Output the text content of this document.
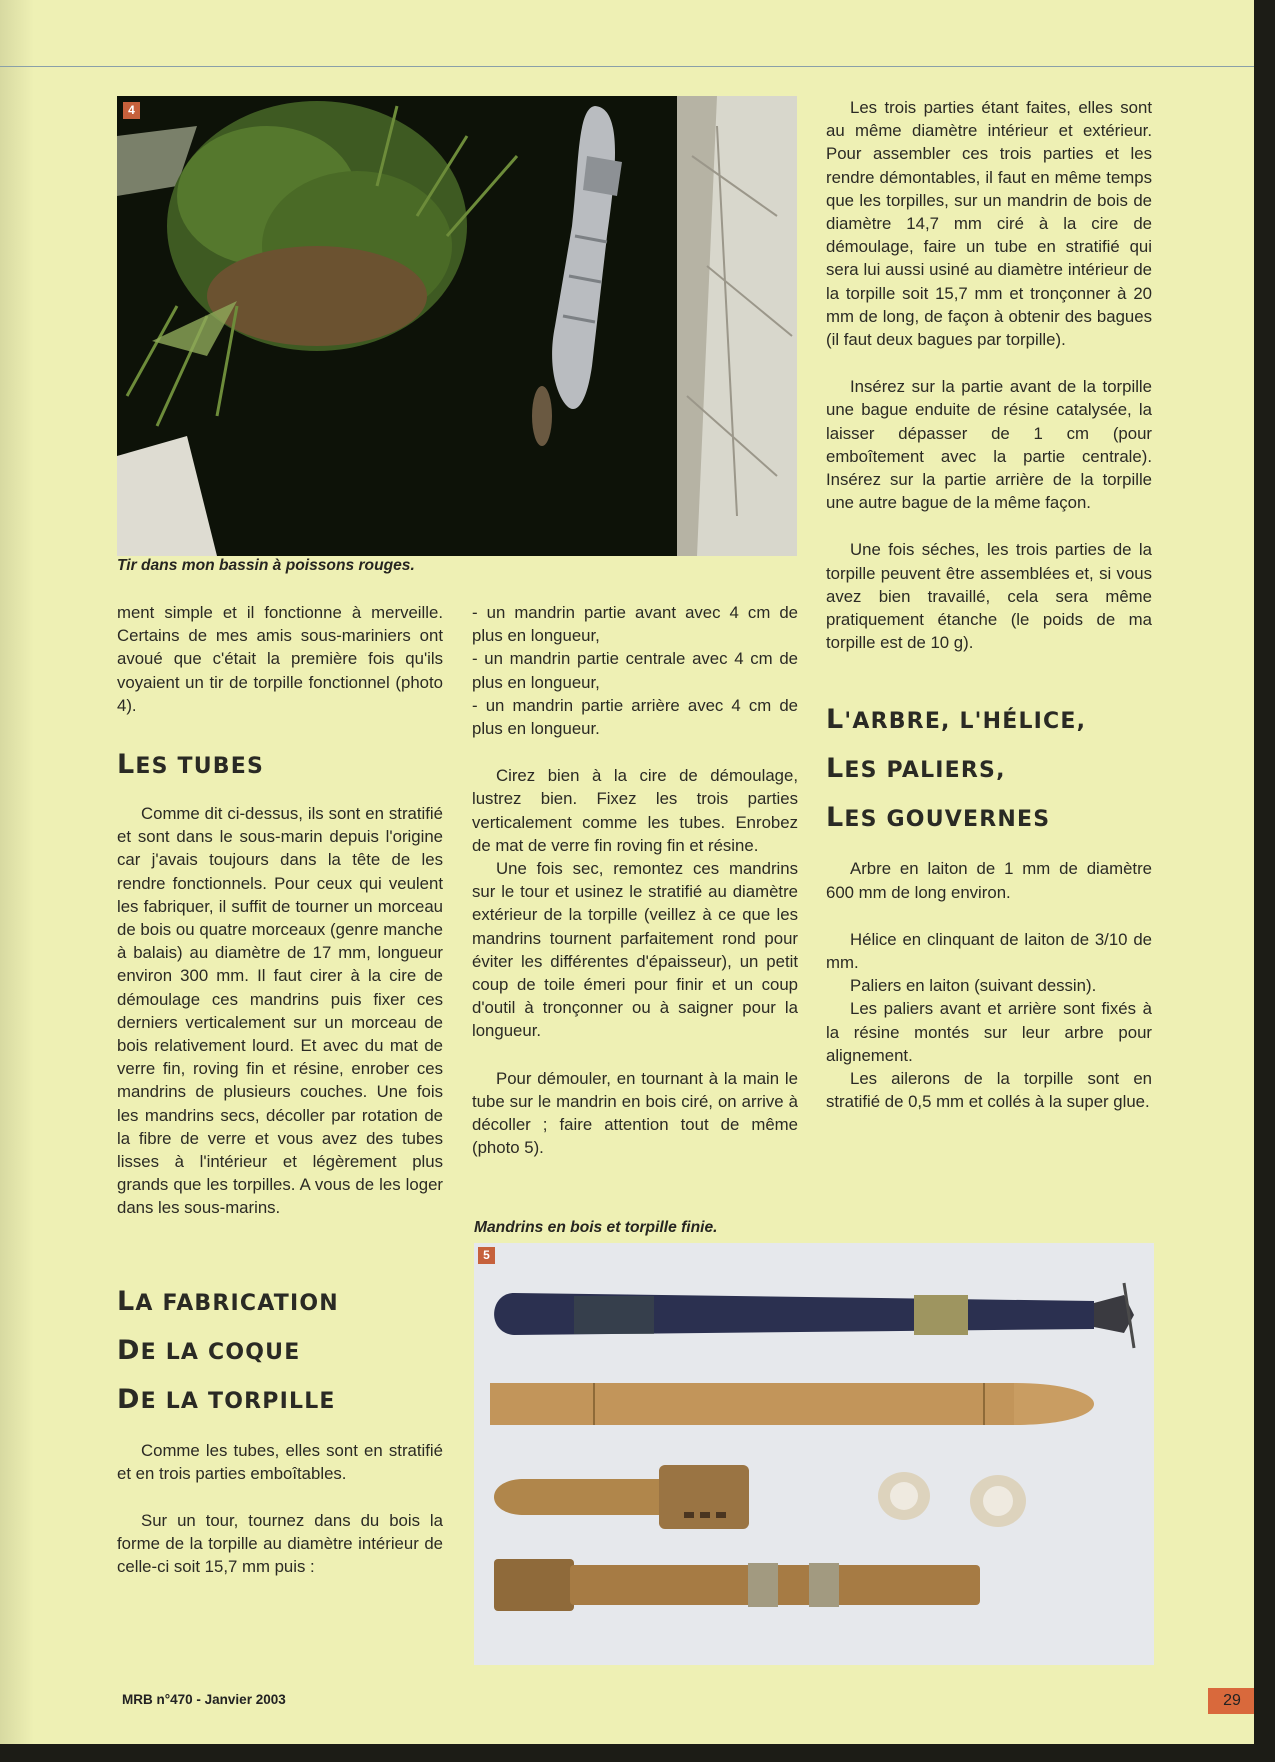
4
Tir dans mon bassin à poissons rouges.

ment simple et il fonctionne à merveille. Certains de mes amis sous-mariniers ont avoué que c'était la première fois qu'ils voyaient un tir de torpille fonctionnel (photo 4).

LES TUBES

Comme dit ci-dessus, ils sont en stratifié et sont dans le sous-marin depuis l'origine car j'avais toujours dans la tête de les rendre fonctionnels. Pour ceux qui veulent les fabriquer, il suffit de tourner un morceau de bois ou quatre morceaux (genre manche à balais) au diamètre de 17 mm, longueur environ 300 mm. Il faut cirer à la cire de démoulage ces mandrins puis fixer ces derniers verticalement sur un morceau de bois relativement lourd. Et avec du mat de verre fin, roving fin et résine, enrober ces mandrins de plusieurs couches. Une fois les mandrins secs, décoller par rotation de la fibre de verre et vous avez des tubes lisses à l'intérieur et légèrement plus grands que les torpilles. A vous de les loger dans les sous-marins.

LA FABRICATION
DE LA COQUE
DE LA TORPILLE

Comme les tubes, elles sont en stratifié et en trois parties emboîtables.

Sur un tour, tournez dans du bois la forme de la torpille au diamètre intérieur de celle-ci soit 15,7 mm puis :

- un mandrin partie avant avec 4 cm de plus en longueur,

- un mandrin partie centrale avec 4 cm de plus en longueur,

- un mandrin partie arrière avec 4 cm de plus en longueur.

Cirez bien à la cire de démoulage, lustrez bien. Fixez les trois parties verticalement comme les tubes. Enrobez de mat de verre fin roving fin et résine.

Une fois sec, remontez ces mandrins sur le tour et usinez le stratifié au diamètre extérieur de la torpille (veillez à ce que les mandrins tournent parfaitement rond pour éviter les différentes d'épaisseur), un petit coup de toile émeri pour finir et un coup d'outil à tronçonner ou à saigner pour la longueur.

Pour démouler, en tournant à la main le tube sur le mandrin en bois ciré, on arrive à décoller ; faire attention tout de même (photo 5).

Les trois parties étant faites, elles sont au même diamètre intérieur et extérieur. Pour assembler ces trois parties et les rendre démontables, il faut en même temps que les torpilles, sur un mandrin de bois de diamètre 14,7 mm ciré à la cire de démoulage, faire un tube en stratifié qui sera lui aussi usiné au diamètre intérieur de la torpille soit 15,7 mm et tronçonner à 20 mm de long, de façon à obtenir des bagues (il faut deux bagues par torpille).

Insérez sur la partie avant de la torpille une bague enduite de résine catalysée, la laisser dépasser de 1 cm (pour emboîtement avec la partie centrale). Insérez sur la partie arrière de la torpille une autre bague de la même façon.

Une fois séches, les trois parties de la torpille peuvent être assemblées et, si vous avez bien travaillé, cela sera même pratiquement étanche (le poids de ma torpille est de 10 g).

L'ARBRE, L'HÉLICE,
LES PALIERS,
LES GOUVERNES

Arbre en laiton de 1 mm de diamètre 600 mm de long environ.

Hélice en clinquant de laiton de 3/10 de mm.

Paliers en laiton (suivant dessin).

Les paliers avant et arrière sont fixés à la résine montés sur leur arbre pour alignement.

Les ailerons de la torpille sont en stratifié de 0,5 mm et collés à la super glue.

Mandrins en bois et torpille finie.
5
MRB n°470 - Janvier 2003	29
